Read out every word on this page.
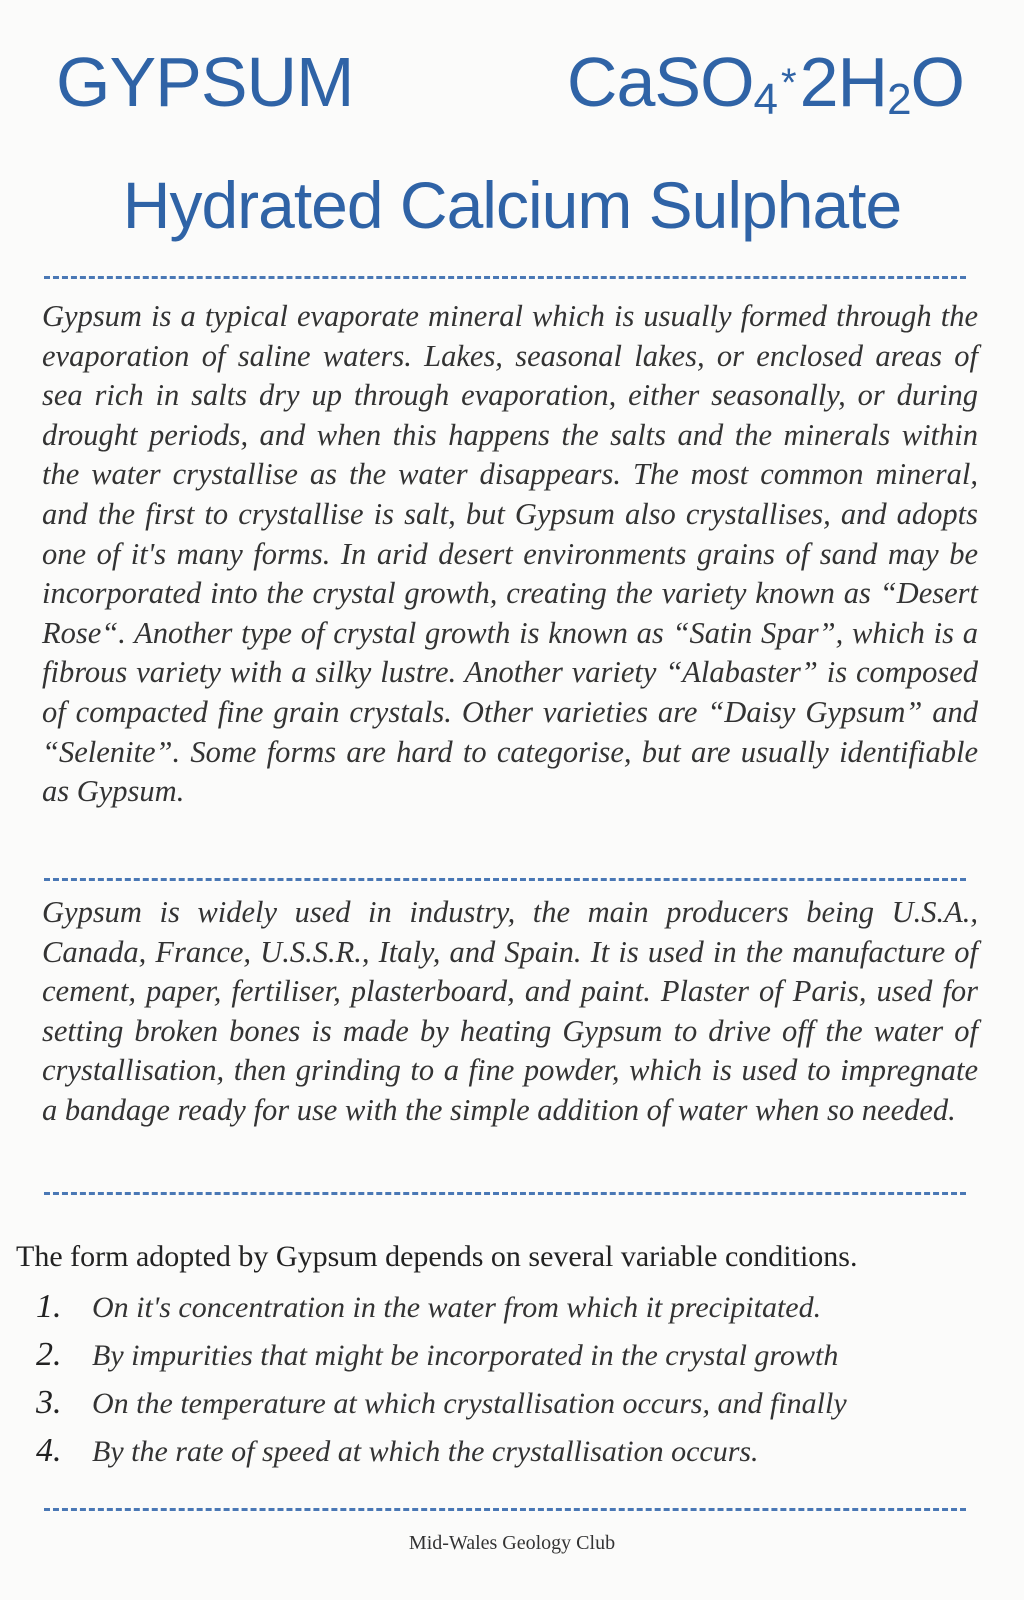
GYPSUM	CaSO$_4$ $*2H_2O$
Hydrated Calcium Sulphate
Gypsum is a typical evaporate mineral which is usually formed through the evaporation of saline waters. Lakes, seasonal lakes, or enclosed areas of sea rich in salts dry up through evaporation, either seasonally, or during drought periods, and when this happens the salts and the minerals within the water crystallise as the water disappears. The most common mineral, and the first to crystallise is salt, but Gypsum also crystallises, and adopts one of it's many forms. In arid desert environments grains of sand may be incorporated into the crystal growth, creating the variety known as “Desert Rose“. Another type of crystal growth is known as “Satin Spar”, which is a fibrous variety with a silky lustre. Another variety “Alabaster” is composed of compacted fine grain crystals. Other varieties are “Daisy Gypsum” and “Selenite”. Some forms are hard to categorise, but are usually identifiable as Gypsum.
Gypsum is widely used in industry, the main producers being U.S.A., Canada, France, U.S.S.R., Italy, and Spain. It is used in the manufacture of cement, paper, fertiliser, plasterboard, and paint. Plaster of Paris, used for setting broken bones is made by heating Gypsum to drive off the water of crystallisation, then grinding to a fine powder, which is used to impregnate a bandage ready for use with the simple addition of water when so needed.
The form adopted by Gypsum depends on several variable conditions.
1. On it's concentration in the water from which it precipitated.
2. By impurities that might be incorporated in the crystal growth
3. On the temperature at which crystallisation occurs, and finally
4. By the rate of speed at which the crystallisation occurs.
Mid-Wales Geology Club
